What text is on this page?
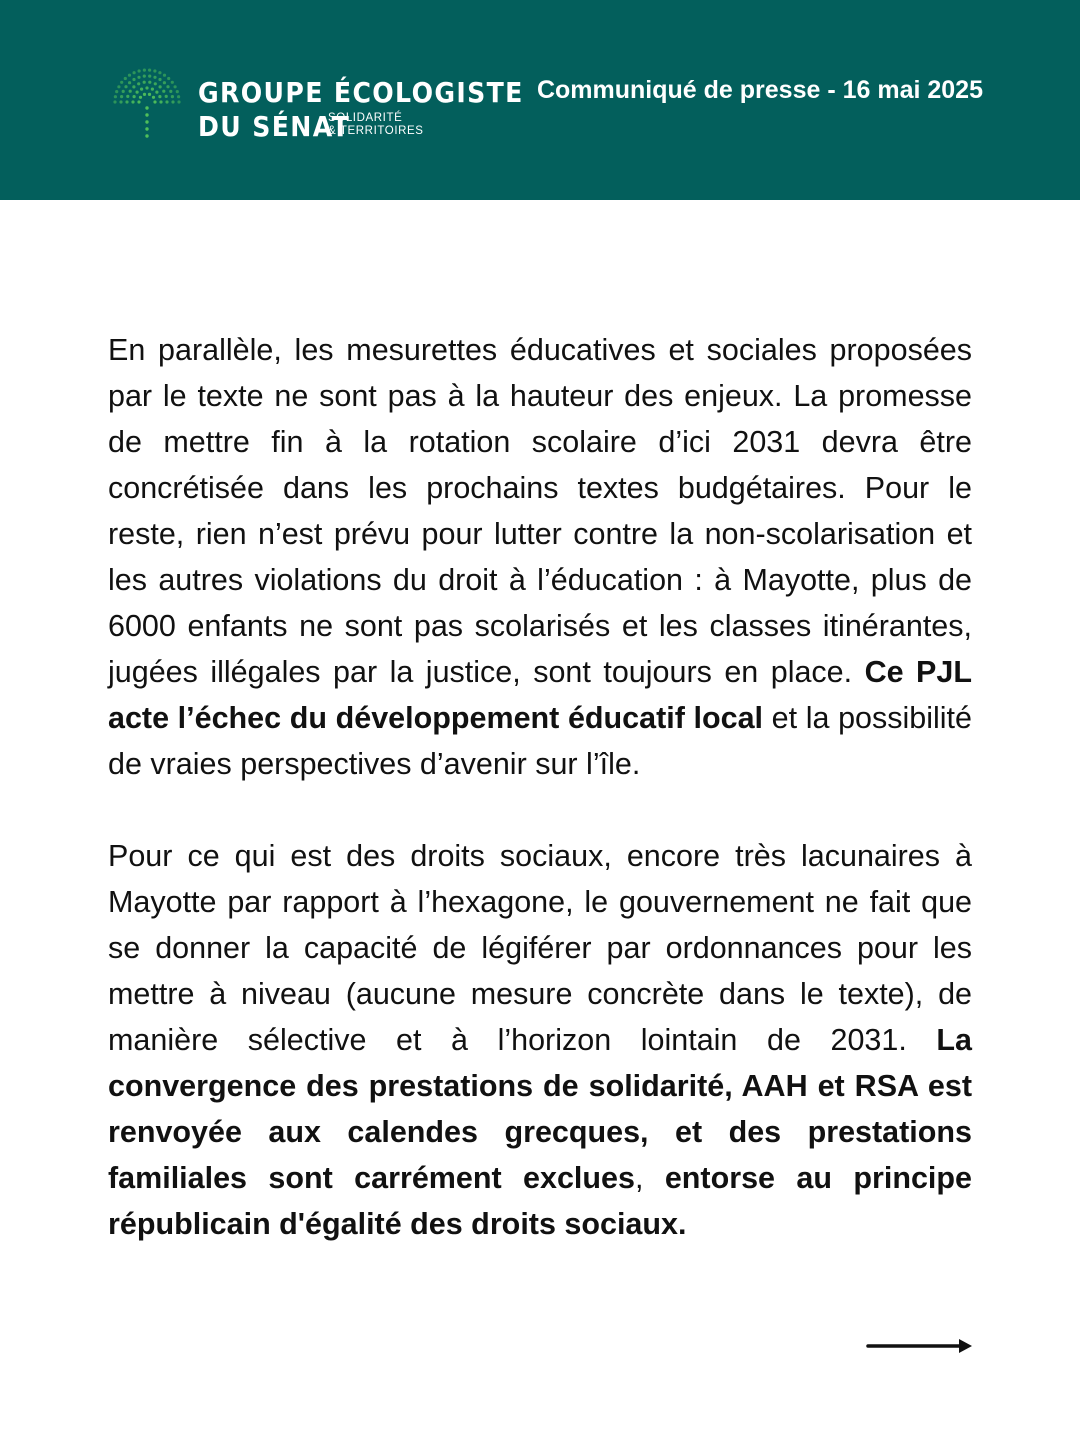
GROUPE ÉCOLOGISTE
DU SÉNAT
SOLIDARITÉ
& TERRITOIRES
Communiqué de presse - 16 mai 2025

En parallèle, les mesurettes éducatives et sociales proposées par le texte ne sont pas à la hauteur des enjeux. La promesse de mettre fin à la rotation scolaire d’ici 2031 devra être concrétisée dans les prochains textes budgétaires. Pour le reste, rien n’est prévu pour lutter contre la non-scolarisation et les autres violations du droit à l’éducation : à Mayotte, plus de 6000 enfants ne sont pas scolarisés et les classes itinérantes, jugées illégales par la justice, sont toujours en place. Ce PJL acte l’échec du développement éducatif local et la possibilité de vraies perspectives d’avenir sur l’île.

Pour ce qui est des droits sociaux, encore très lacunaires à Mayotte par rapport à l’hexagone, le gouvernement ne fait que se donner la capacité de légiférer par ordonnances pour les mettre à niveau (aucune mesure concrète dans le texte), de manière sélective et à l’horizon lointain de 2031. La convergence des prestations de solidarité, AAH et RSA est renvoyée aux calendes grecques, et des prestations familiales sont carrément exclues, entorse au principe républicain d'égalité des droits sociaux.
